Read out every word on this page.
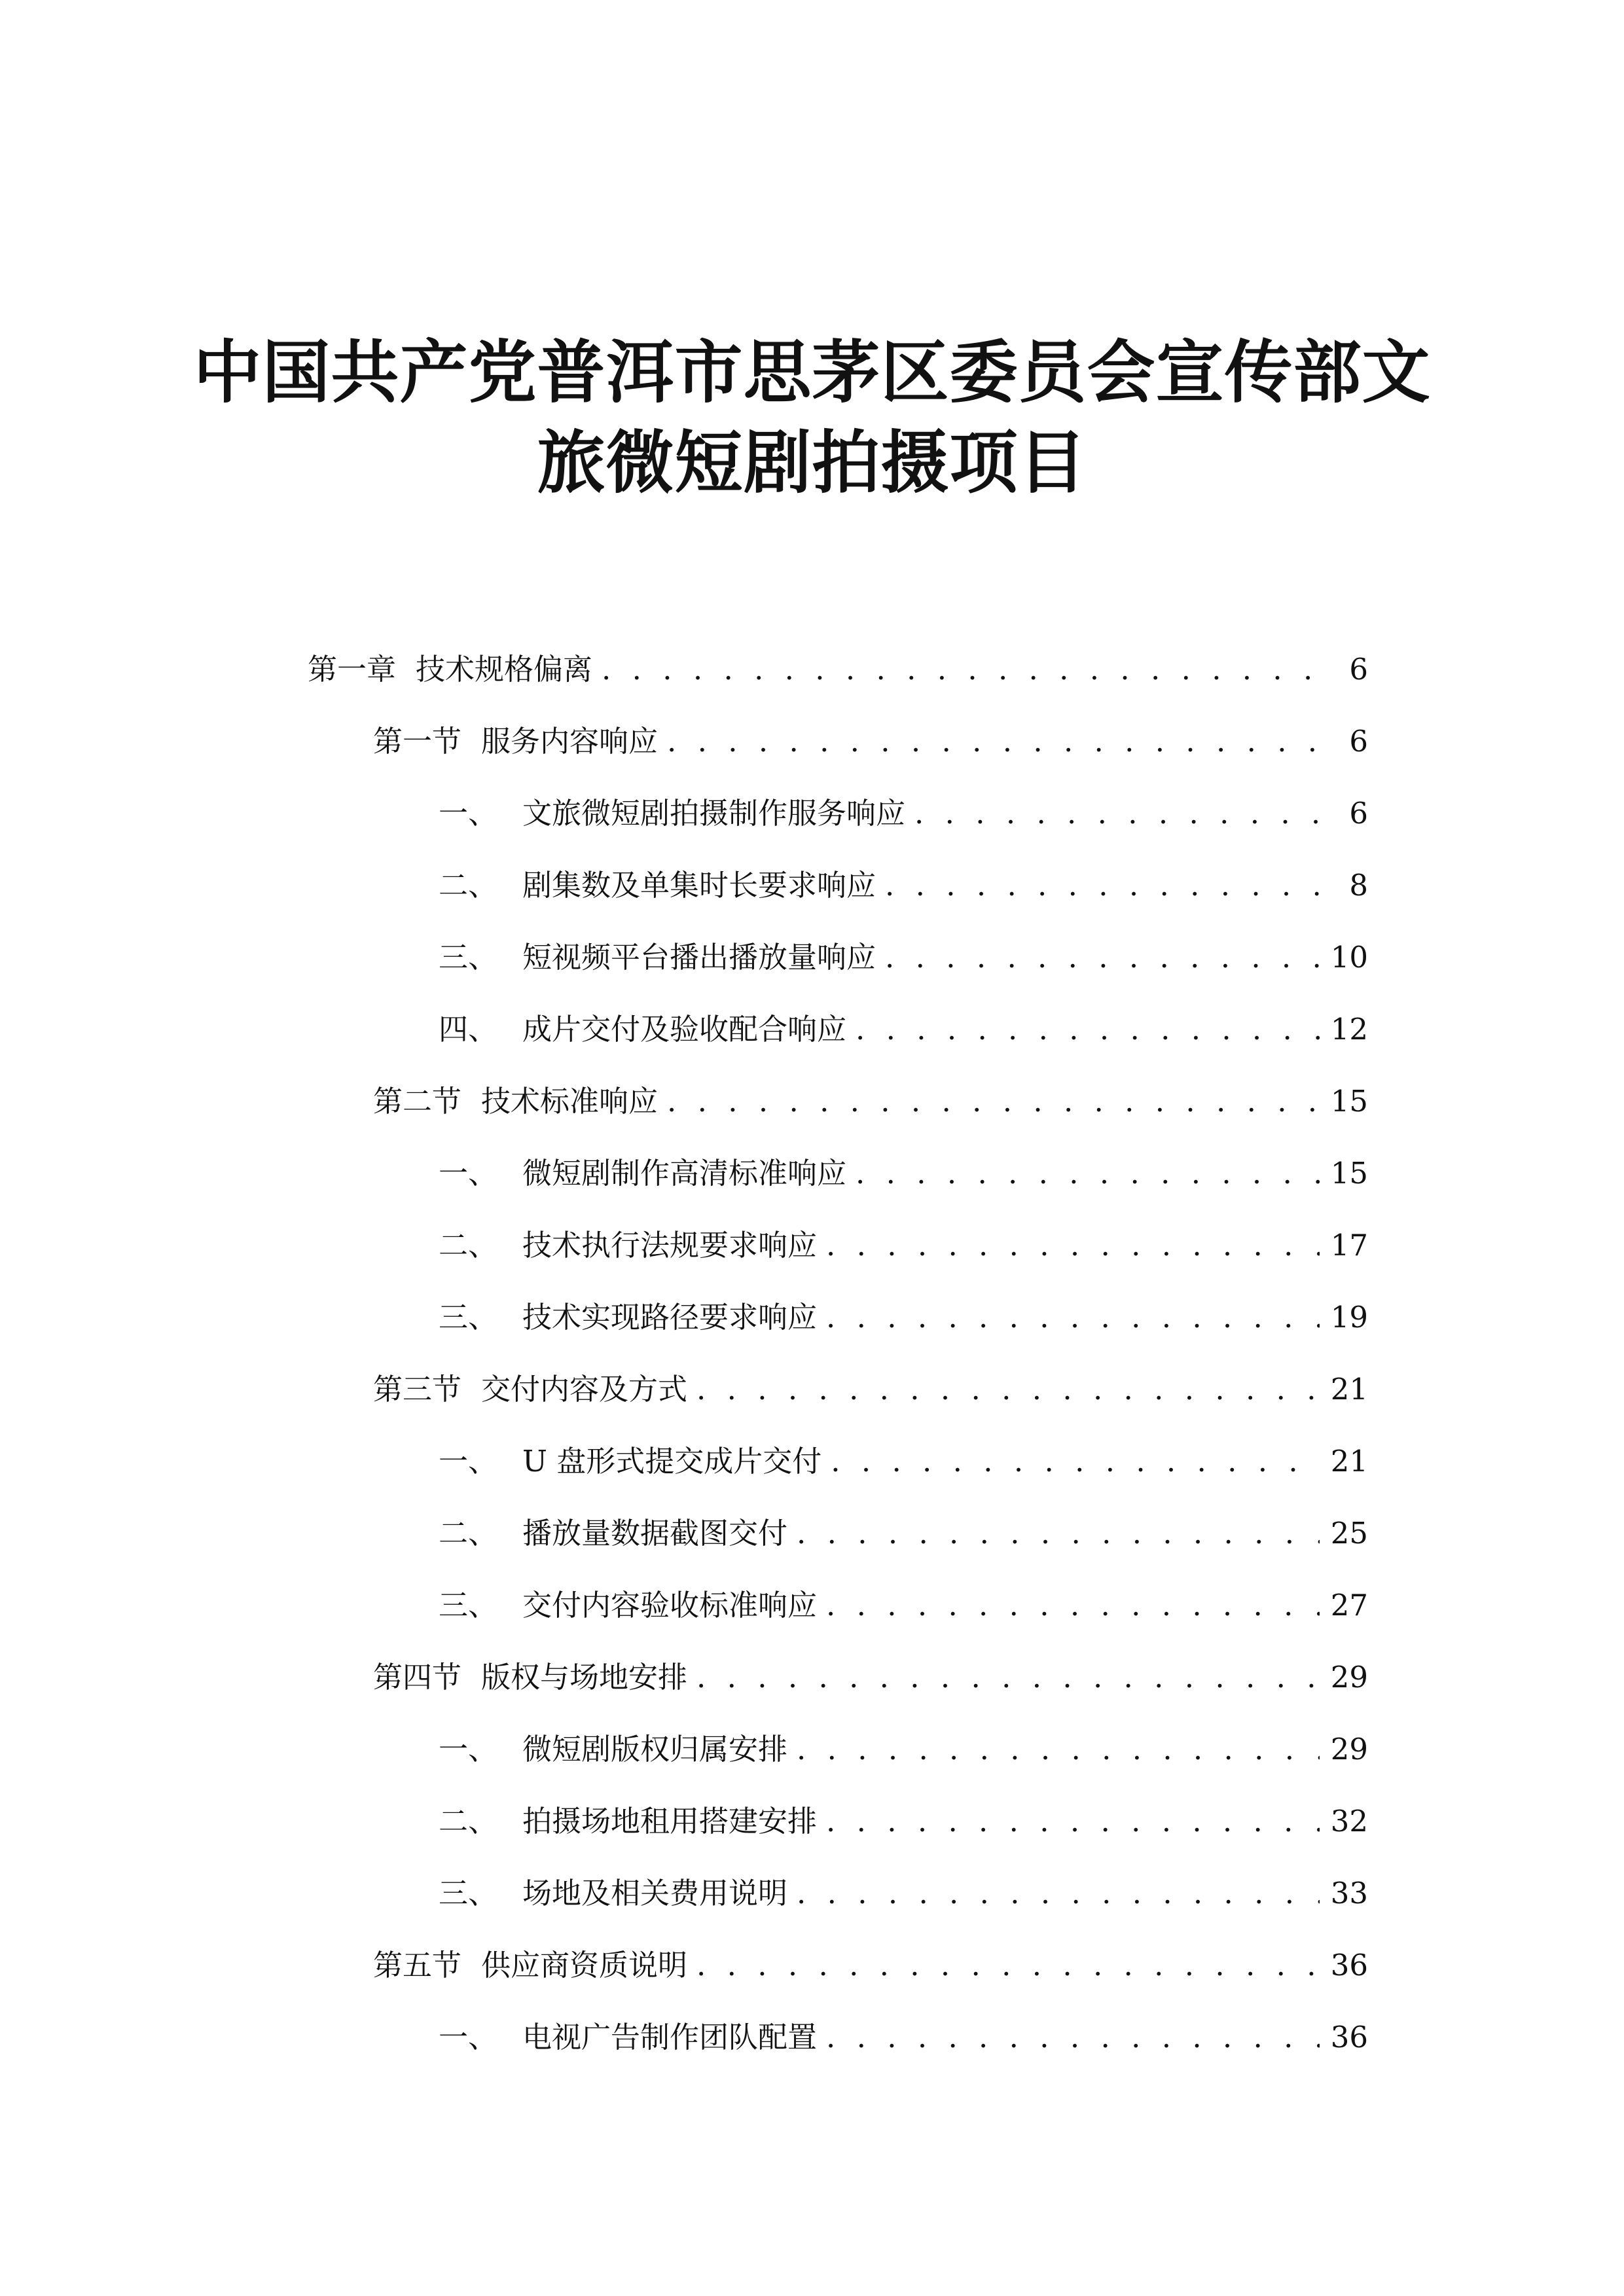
中国共产党普洱市思茅区委员会宣传部文
旅微短剧拍摄项目
第一章 技术规格偏离 . . .	6
第一节 服务内容响应 . . .	6
一、 文旅微短剧拍摄制作服务响应 . . .	6
二、 剧集数及单集时长要求响应 . . .	8
三、 短视频平台播出播放量响应 . . .	10
四、 成片交付及验收配合响应 . . .	12
第二节 技术标准响应 . . .	15
一、 微短剧制作高清标准响应 . . .	15
二、 技术执行法规要求响应 . . .	17
三、 技术实现路径要求响应 . . .	19
第三节 交付内容及方式 . . .	21
一、 U 盘形式提交成片交付 . . .	21
二、 播放量数据截图交付 . . .	25
三、 交付内容验收标准响应 . . .	27
第四节 版权与场地安排 . . .	29
一、 微短剧版权归属安排 . . .	29
二、 拍摄场地租用搭建安排 . . .	32
三、 场地及相关费用说明 . . .	33
第五节 供应商资质说明 . . .	36
一、 电视广告制作团队配置 . . .	36
